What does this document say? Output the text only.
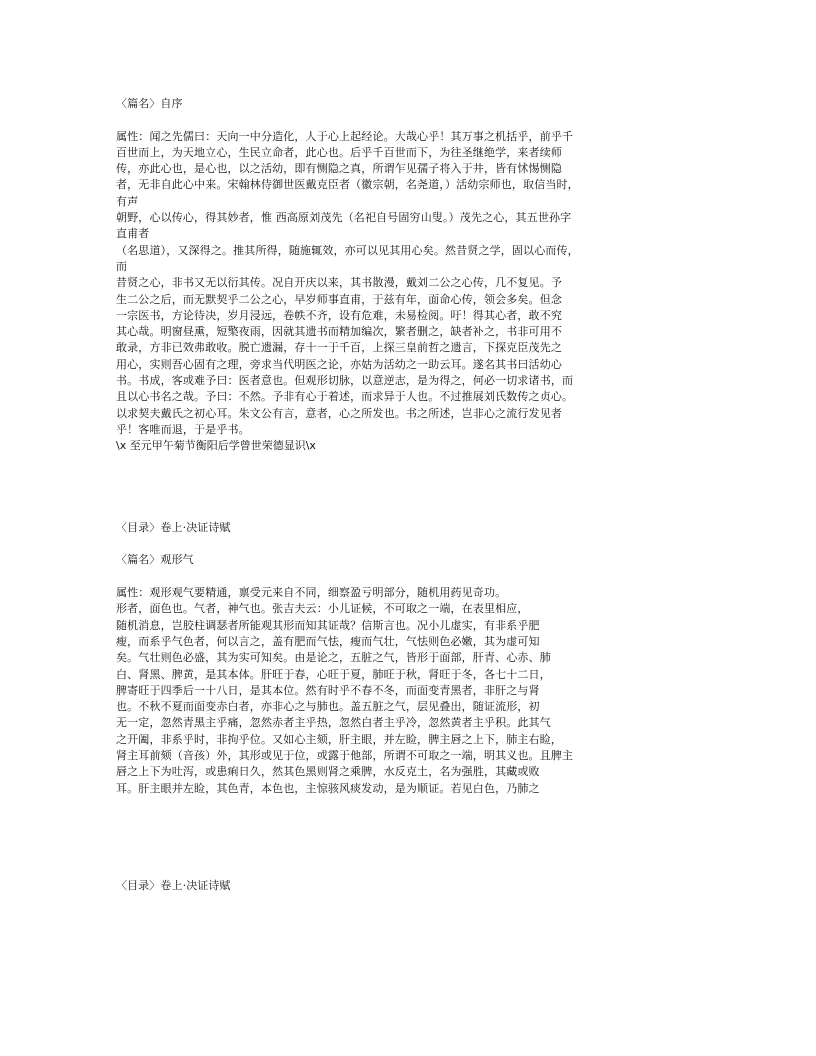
〈篇名〉自序

属性：闻之先儒曰：天向一中分造化，人于心上起经论。大哉心乎！其万事之机括乎，前乎千

百世而上，为天地立心，生民立命者，此心也。后乎千百世而下，为往圣继绝学，来者续师

传，亦此心也，是心也，以之活幼，即有恻隐之真，所谓乍见孺子将入于井，皆有怵惕恻隐

者，无非自此心中来。宋翰林侍御世医戴克臣者（徽宗朝，名尧道，）活幼宗师也，取信当时，

有声

朝野，心以传心，得其妙者，惟 西高原刘茂先（名祀自号固穷山叟。）茂先之心，其五世孙字

直甫者

（名思道），又深得之。推其所得，随施辄效，亦可以见其用心矣。然昔贤之学，固以心而传，

而

昔贤之心，非书又无以衍其传。况自开庆以来，其书散漫，戴刘二公之心传，几不复见。予

生二公之后，而无默契乎二公之心，早岁师事直甫，于兹有年，面命心传，领会多矣。但念

一宗医书，方论待决，岁月浸远，卷帙不齐，设有危难，未易检阅。吁！得其心者，敢不究

其心哉。明窗昼熏，短檠夜雨，因就其遗书而精加编次，繁者删之，缺者补之，书非可用不

敢录，方非已效弗敢收。脱亡遗漏，存十一于千百，上探三皇前哲之遗言，下探克臣茂先之

用心，实则吾心固有之理，旁求当代明医之论，亦姑为活幼之一助云耳。遂名其书曰活幼心

书。书成，客或难予曰：医者意也。但观形切脉，以意逆志，是为得之，何必一切求诸书，而

且以心书名之哉。予曰：不然。予非有心于着述，而求异于人也。不过推展刘氏数传之贞心。

以求契夫戴氏之初心耳。朱文公有言，意者，心之所发也。书之所述，岂非心之流行发见者

乎！客唯而退，于是乎书。

\x 至元甲午菊节衡阳后学曾世荣德显识\x

〈目录〉卷上·决证诗赋

〈篇名〉观形气

属性：观形观气要精通，禀受元来自不同，细察盈亏明部分，随机用药见奇功。

形者，面色也。气者，神气也。张吉夫云：小儿证候，不可取之一端，在表里相应，

随机消息，岂胶柱调瑟者所能观其形而知其证哉？信斯言也。况小儿虚实，有非系乎肥

瘦，而系乎气色者，何以言之，盖有肥而气怯，瘦而气壮，气怯则色必嫩，其为虚可知

矣。气壮则色必盛，其为实可知矣。由是论之，五脏之气，皆形于面部，肝青、心赤、肺

白、肾黑、脾黄，是其本体。肝旺于春，心旺于夏，肺旺于秋，肾旺于冬，各七十二日，

脾寄旺于四季后一十八日，是其本位。然有时乎不春不冬，而面变青黑者，非肝之与肾

也。不秋不夏而面变赤白者，亦非心之与肺也。盖五脏之气，层见叠出，随证流形，初

无一定，忽然青黑主乎痛，忽然赤者主乎热，忽然白者主乎冷，忽然黄者主乎积。此其气

之开阖，非系乎时，非拘乎位。又如心主颏，肝主眼，并左睑，脾主唇之上下，肺主右睑，

肾主耳前颏（音孩）外，其形或见于位，或露于他部，所谓不可取之一端，明其义也。且脾主

唇之上下为吐泻，或患痢日久，然其色黑则肾之乘脾，水反克土，名为强胜，其藏或败

耳。肝主眼并左睑，其色青，本色也，主惊骇风痰发动，是为顺证。若见白色，乃肺之

〈目录〉卷上·决证诗赋
